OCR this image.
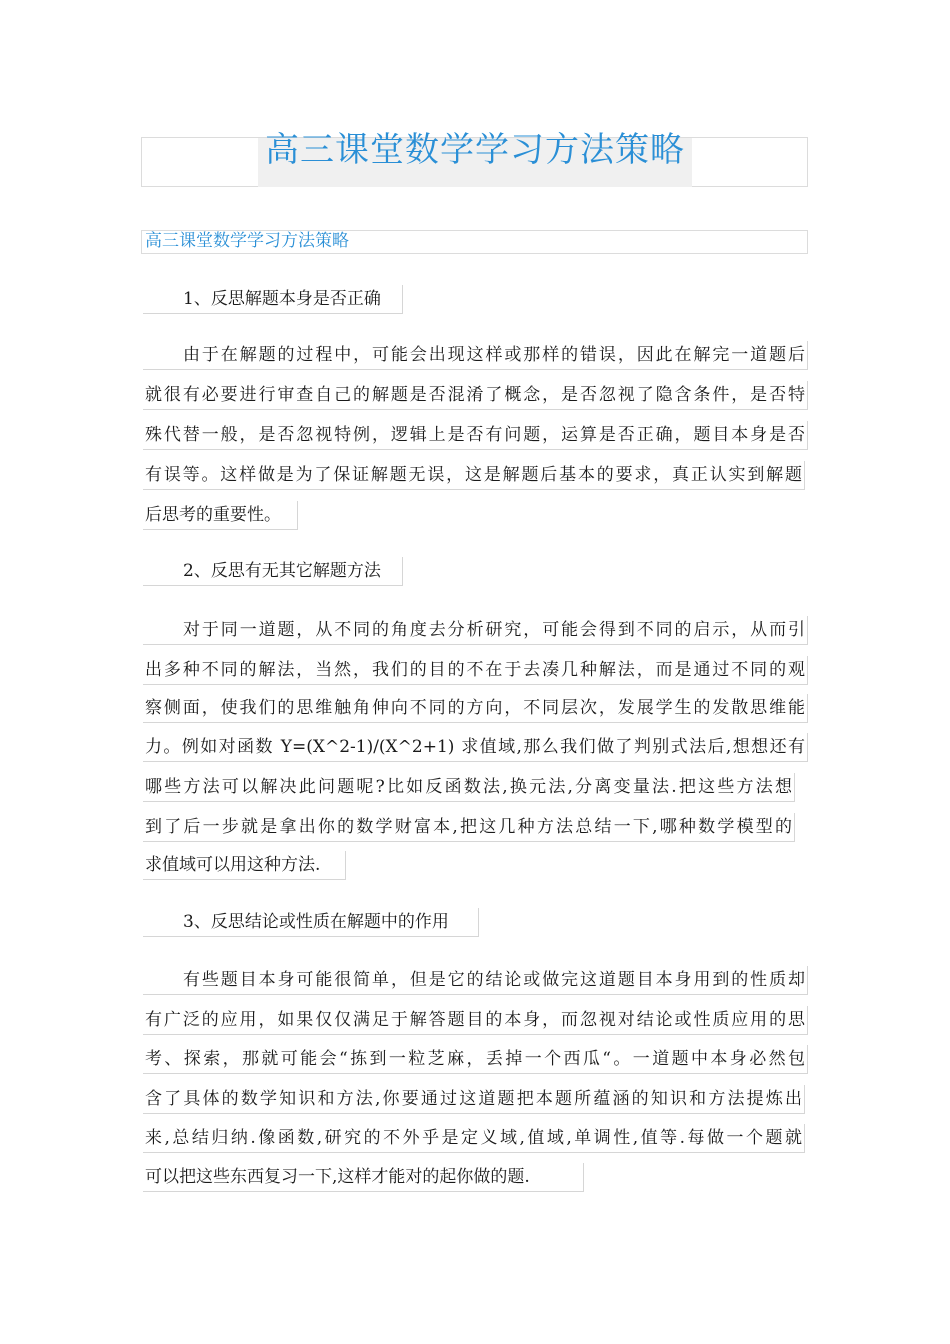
高三课堂数学学习方法策略
高三课堂数学学习方法策略
1、反思解题本身是否正确
由于在解题的过程中，可能会出现这样或那样的错误，因此在解完一道题后
就很有必要进行审查自己的解题是否混淆了概念，是否忽视了隐含条件，是否特
殊代替一般，是否忽视特例，逻辑上是否有问题，运算是否正确，题目本身是否
有误等。这样做是为了保证解题无误，这是解题后基本的要求，真正认实到解题
后思考的重要性。
2、反思有无其它解题方法
对于同一道题，从不同的角度去分析研究，可能会得到不同的启示，从而引
出多种不同的解法，当然，我们的目的不在于去凑几种解法，而是通过不同的观
察侧面，使我们的思维触角伸向不同的方向，不同层次，发展学生的发散思维能
力。例如对函数 Y=(X^2-1)/(X^2+1) 求值域,那么我们做了判别式法后,想想还有
哪些方法可以解决此问题呢?比如反函数法,换元法,分离变量法.把这些方法想
到了后一步就是拿出你的数学财富本,把这几种方法总结一下,哪种数学模型的
求值域可以用这种方法.
3、反思结论或性质在解题中的作用
有些题目本身可能很简单，但是它的结论或做完这道题目本身用到的性质却
有广泛的应用，如果仅仅满足于解答题目的本身，而忽视对结论或性质应用的思
考、探索，那就可能会“拣到一粒芝麻，丢掉一个西瓜“。一道题中本身必然包
含了具体的数学知识和方法,你要通过这道题把本题所蕴涵的知识和方法提炼出
来,总结归纳.像函数,研究的不外乎是定义域,值域,单调性,值等.每做一个题就
可以把这些东西复习一下,这样才能对的起你做的题.
